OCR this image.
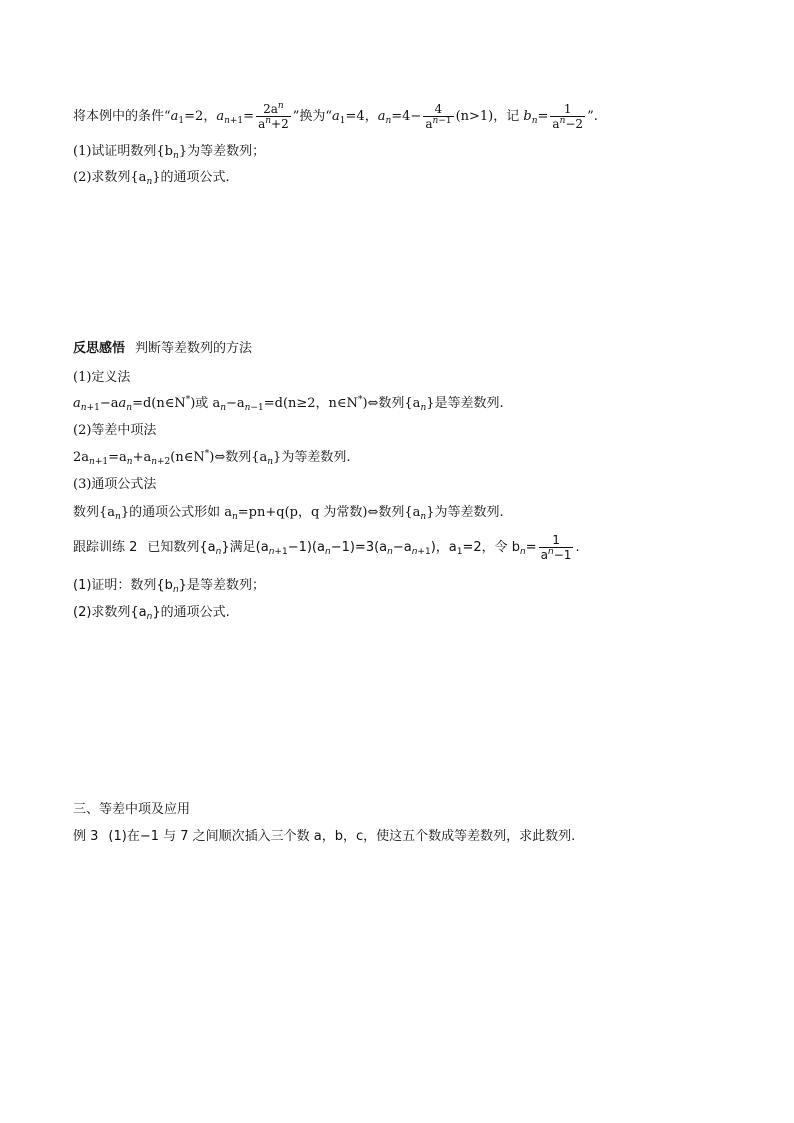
将本例中的条件“$a_1=2$，$a_{n+1}= \frac{2a^n}{a^n+2}$ ”换为“$a_1=4$，$a_n=4- \frac{4}{a^{n-1}} (n>1)$，记 $b_n= \frac{1}{a^n-2}$ ”.
(1)试证明数列$\{b_n\}$为等差数列；
(2)求数列$\{a_n\}$的通项公式.
反思感悟 判断等差数列的方法
(1)定义法
$a_{n+1}-aa_n=d(n\in N^*)$或 $a_n-a_{n-1}=d(n\ge 2$，n∈N*)⇔数列$\{a_n\}$是等差数列.
(2)等差中项法
$2a_{n+1}=a_n+a_{n+2}(n\in N^*)\Leftrightarrow$数列$\{a_n\}$为等差数列.
(3)通项公式法
数列$\{a_n\}$的通项公式形如 $a_n=pn+q(p$，q 为常数)⇔数列$\{a_n\}$为等差数列.
跟踪训练 2 已知数列$\{a_n\}$满足$(a_{n+1}-1)(a_n-1)=3(a_n-a_{n+1})$，$a_1=2$，令 $b_n= \frac{1}{a^n-1}$ .
(1)证明：数列$\{b_n\}$是等差数列；
(2)求数列$\{a_n\}$的通项公式.
三、等差中项及应用
例 3 (1)在−1 与 7 之间顺次插入三个数 a，b，c，使这五个数成等差数列，求此数列.
